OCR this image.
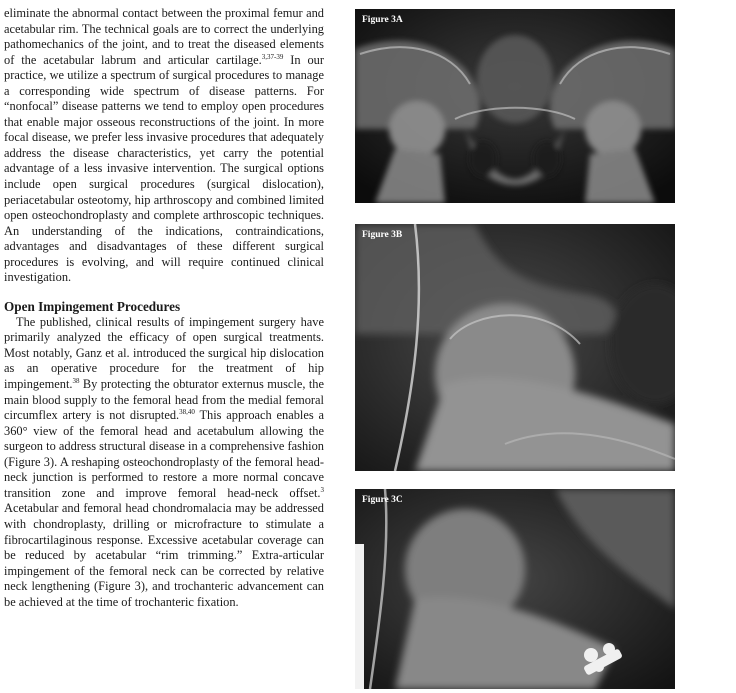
eliminate the abnormal contact between the proximal femur and acetabular rim. The technical goals are to correct the underlying pathomechanics of the joint, and to treat the diseased elements of the acetabular labrum and articular cartilage.$^{3,37-39}$ In our practice, we utilize a spectrum of surgical procedures to manage a corresponding wide spectrum of disease patterns. For “nonfocal” disease patterns we tend to employ open procedures that enable major osseous reconstructions of the joint. In more focal disease, we prefer less invasive procedures that adequately address the disease characteristics, yet carry the potential advantage of a less invasive intervention. The surgical options include open surgical procedures (surgical dislocation), periacetabular osteotomy, hip arthroscopy and combined limited open osteochondroplasty and complete arthroscopic techniques. An understanding of the indications, contraindications, advantages and disadvantages of these different surgical procedures is evolving, and will require continued clinical investigation.

Open Impingement Procedures

The published, clinical results of impingement surgery have primarily analyzed the efficacy of open surgical treatments. Most notably, Ganz et al. introduced the surgical hip dislocation as an operative procedure for the treatment of hip impingement.$^{38}$ By protecting the obturator externus muscle, the main blood supply to the femoral head from the medial femoral circumflex artery is not disrupted.$^{38,40}$ This approach enables a 360° view of the femoral head and acetabulum allowing the surgeon to address structural disease in a comprehensive fashion (Figure 3). A reshaping osteochondroplasty of the femoral head-neck junction is performed to restore a more normal concave transition zone and improve femoral head-neck offset.$^3$ Acetabular and femoral head chondromalacia may be addressed with chondroplasty, drilling or microfracture to stimulate a fibrocartilaginous response. Excessive acetabular coverage can be reduced by acetabular “rim trimming.” Extra-articular impingement of the femoral neck can be corrected by relative neck lengthening (Figure 3), and trochanteric advancement can be achieved at the time of trochanteric fixation.

Figure 3A
Figure 3B
Figure 3C
